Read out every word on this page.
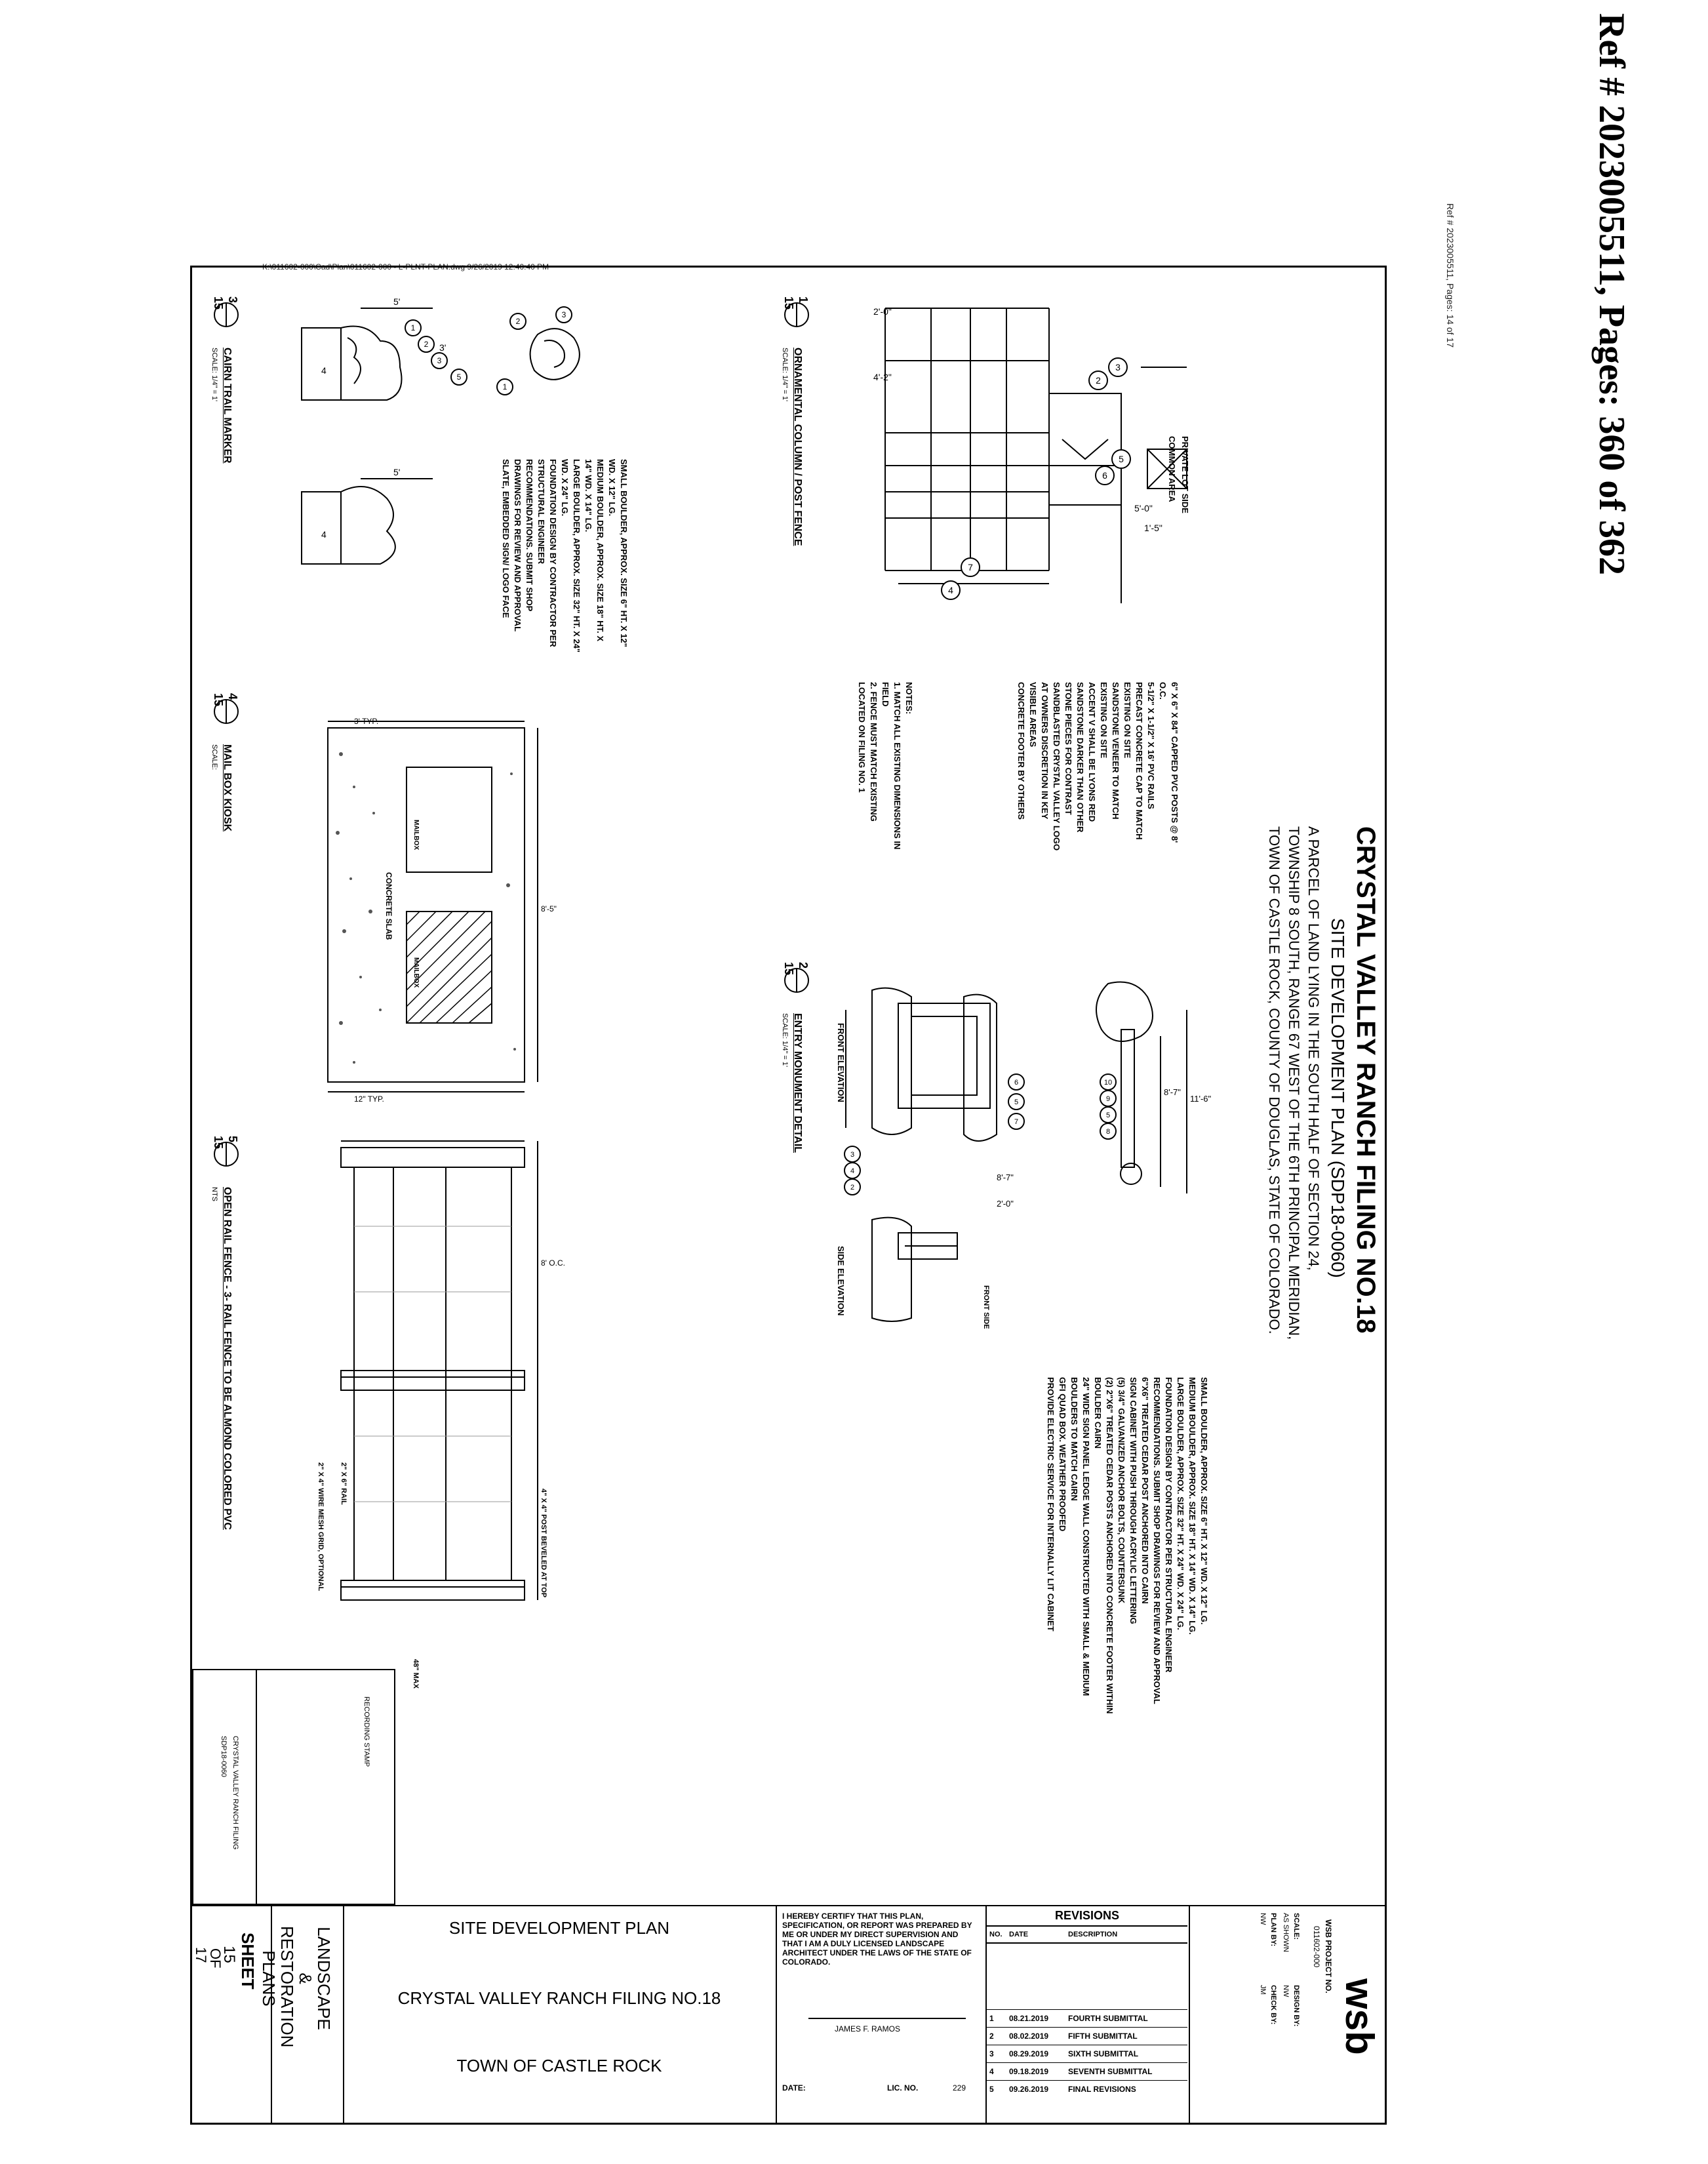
Ref # 2023005511, Pages: 360 of 362
Ref # 2023005511, Pages: 14 of 17
K:\011602-000\Cad\Plan\011602-000 - L-PLNT-PLAN.dwg 9/26/2019 12:40:40 PM
CRYSTAL VALLEY RANCH FILING NO.18
SITE DEVELOPMENT PLAN (SDP18-0060)
A PARCEL OF LAND LYING IN THE SOUTH HALF OF SECTION 24, TOWNSHIP 8 SOUTH, RANGE 67 WEST OF THE 6TH PRINCIPAL MERIDIAN, TOWN OF CASTLE ROCK, COUNTY OF DOUGLAS, STATE OF COLORADO.
2'-0"
4'-2"
5'-0"
1'-5"
7
4
2
3
5
6	PRIVATE LOT SIDE
COMMON AREA
1
15
ORNAMENTAL COLUMN / POST FENCE
SCALE: 1/4" = 1'
6" X 6" X 84" CAPPED PVC POSTS @ 8' O.C.
5-1/2" X 1-1/2" X 16' PVC RAILS
PRECAST CONCRETE CAP TO MATCH EXISTING ON SITE
SANDSTONE VENEER TO MATCH EXISTING ON SITE
ACCENT V SHALL BE LYONS RED SANDSTONE DARKER THAN OTHER STONE PIECES FOR CONTRAST
SANDBLASTED CRYSTAL VALLEY LOGO AT OWNERS DISCRETION IN KEY VISIBLE AREAS
CONCRETE FOOTER BY OTHERS
NOTES:
1. MATCH ALL EXISTING DIMENSIONS IN FIELD
2. FENCE MUST MATCH EXISTING LOCATED ON FILING NO. 1
5'
5'
3'
4
4
1
2
3
5
2
3
1
3
15
CAIRN TRAIL MARKER
SCALE: 1/4" = 1'
SMALL BOULDER, APPROX. SIZE 6" HT. X 12" WD. X 12" LG.
MEDIUM BOULDER, APPROX. SIZE 18" HT. X 14" WD. X 14" LG.
LARGE BOULDER, APPROX. SIZE 32" HT. X 24" WD. X 24" LG.
FOUNDATION DESIGN BY CONTRACTOR PER STRUCTURAL ENGINEER RECOMMENDATIONS. SUBMIT SHOP DRAWINGS FOR REVIEW AND APPROVAL
SLATE, EMBEDDED SIGN/ LOGO FACE
11'-6"
8'-7"
2'-0"
8'-7"
10
9
5
8
3
4
2
6
5
7
FRONT ELEVATION
SIDE ELEVATION	FRONT SIDE
2
15
ENTRY MONUMENT DETAIL
SCALE: 1/4" = 1'
SMALL BOULDER, APPROX. SIZE 6" HT. X 12" WD. X 12" LG.
MEDIUM BOULDER, APPROX. SIZE 18" HT. X 14" WD. X 14" LG.
LARGE BOULDER, APPROX. SIZE 32" HT. X 24" WD. X 24" LG.
FOUNDATION DESIGN BY CONTRACTOR PER STRUCTURAL ENGINEER RECOMMENDATIONS. SUBMIT SHOP DRAWINGS FOR REVIEW AND APPROVAL
6"X6" TREATED CEDAR POST ANCHORED INTO CAIRN
SIGN CABINET WITH PUSH THROUGH ACRYLIC LETTERING
(5) 3/4" GALVANIZED ANCHOR BOLTS, COUNTERSUNK
(2) 2"X6" TREATED CEDAR POSTS ANCHORED INTO CONCRETE FOOTER WITHIN BOULDER CAIRN
24" WIDE SIGN PANEL LEDGE WALL CONSTRUCTED WITH SMALL & MEDIUM BOULDERS TO MATCH CAIRN
GFI QUAD BOX. WEATHER PROOFED
PROVIDE ELECTRIC SERVICE FOR INTERNALLY LIT CABINET
3' TYP.
8'-5"
12" TYP.
MAILBOX
MAILBOX
CONCRETE SLAB
4
15
MAIL BOX KIOSK
SCALE:
8' O.C.
4" X 4" POST BEVELED AT TOP
2" X 6" RAIL
2" X 4" WIRE MESH GRID, OPTIONAL
48" MAX
5
15
OPEN RAIL FENCE - 3- RAIL FENCE TO BE ALMOND COLORED PVC
NTS
RECORDING STAMP
CRYSTAL VALLEY RANCH FILING
SDP18-0060
SHEET
15
OF
17	LANDSCAPE & RESTORATION PLANS
SITE DEVELOPMENT PLAN
CRYSTAL VALLEY RANCH FILING NO.18
TOWN OF CASTLE ROCK
I HEREBY CERTIFY THAT THIS PLAN, SPECIFICATION, OR REPORT WAS PREPARED BY ME OR UNDER MY DIRECT SUPERVISION AND THAT I AM A DULY LICENSED LANDSCAPE ARCHITECT UNDER THE LAWS OF THE STATE OF COLORADO.
JAMES F. RAMOS
DATE:	LIC. NO.	229
REVISIONS
NO. DATE	DESCRIPTION
1	08.21.2019	FOURTH SUBMITTAL
2	08.02.2019	FIFTH SUBMITTAL
3	08.29.2019	SIXTH SUBMITTAL
4	09.18.2019	SEVENTH SUBMITTAL
5	09.26.2019	FINAL REVISIONS
wsb
WSB PROJECT NO.
011602-000
SCALE:
AS SHOWN
DESIGN BY:
NW
PLAN BY:
NW
CHECK BY:
JM
